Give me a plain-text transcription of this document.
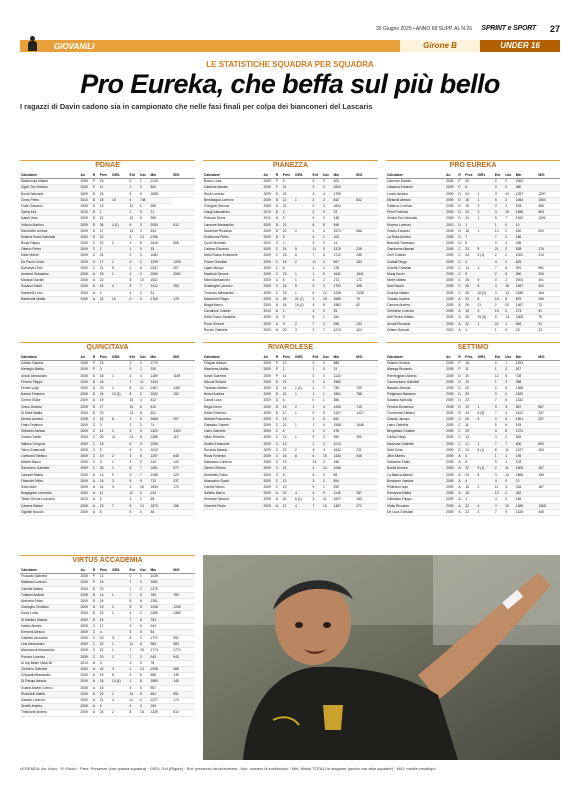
30 Giugno 2025 • ANNO 68 SUPP. AL N.26 SPRINT e SPORT 27
GIOVANILI	Girone B	UNDER 16
LE STATISTICHE SQUADRA PER SQUADRA
Pro Eureka, che beffa sul più bello
I ragazzi di Davin cadono sia in campionato che nelle fasi finali per colpa dei bianconeri del Lascaris
PDNAE
Calciatore	An	R	Pres	GIR1	Ent	Usc	Min	M/G
Mastrocola Matteo	2009	P	16		0	1	1240	
Giglio Tos Stefano	2009	P	11		1	0	800	
Bondi Samuele	2009	D	24		5	5	1698	
Cirelo Pietro	2010	D	18	10	4	748		
Fiore Giovanni	2009	D	13		12	1	259	
Gjeraj Keli	2010	D	1		1	0	21	
Isabel Jean	2009	D	22		12	5	956	
Volkolo Martino	2009	D	36	4 (1)	8	2	2050	512
Michelotto Andrea	2009	D	17		13	2	534	
Mottura Rossi Samuele	2009	D	22		4	13	1196	
Rossi Filippo	2009	C	22	2	1	6	1616	808
Ottavio Pietro	2009	C	2		1	0	33	
Dalle Michel	2009	C	24		0	3	1062	
De Paolo Guido	2009	C	17	1	0	2	1299	1299
Dondeyno Erik	2009	C	21	5	0	6	1537	307
Ansermi Sebastian	2009	A	26	1	0	2	2060	2060
Morandi Davide	2009	A	22		8	10	1537	
Susacci David	2009	A	24	4	5	7	1412	353
Martinelli Leon	2009	A	4		4	0	31	
Barberotti Mattia	2009	A	22	10	0	0	1760	176
PIANEZZA
Calciatore	An	R	Pres	GIR1	Ent	Usc	Min	M/G
Bosco Luca	2009	P	5		0	0	400	
Carbone Alessio	2009	P	21		0	3	1620	
Russ Lorenzo	2009	D	23		4	4	1799	
Bendeaqua Lorenzo	2009	D	12	1	2	2	842	842
D'Angelo Simone	2009	D	22		0	3	1604	
Gangi Alessandro	2010	D	2		2	0	23	
Petrucci Denis	2010	D	9		9	0	148	
Lanzone Alessandro	2009	D	21		8	8	946	
Notarnice Riccardo	2009	D	20	2	2	4	1572	686
Schiavone Pietro	2009	D	5		4	1	100	
Cucci Nicholas	2010	C	2		2	0	14	
Calarco Edoardo	2009	C	24	5	11	9	1378	236
Dello Russo Emanuele	2009	C	23	6	7	5	1712	285
Fiume Christian	2009	C	16	2	11	2	567	284
Ligas Jacopo	2009	C	6		4	1	178	
Mastrioti Simone	2009	C	23	1	1	5	1641	1641
Miceli Alessandro	2009	C	6	1	4	2	172	172
Scalenghe Lorenzo	2009	C	23	5	0	3	1792	358
Truccaro Alessandro	2009	C	23	1	6	12	1238	1238
Mammoni Filippo	2009	A	25	21 (7)	2	15	1655	79
Braga Marco	2009	A	24	19 (1)	4	8	1562	82
Cavallone Cristian	2010	A	2		2	0	25	
Dello Russo Samuele	2009	A	9		5	1	344	
Pucci Simone	2009	A	9	2	7	2	268	134
Rocchi Gabriele	2009	A	20	3	2	7	1273	424
PRO EUREKA
Calciatore	An	R	Pres	GIR1	Ent	Usc	Min	M/G
Gennore Davide	2009	P	20		0	0	1600	
Labanca Edoardo	2009	P	6		0	0	480	
Loreto Andrea	2009	D	24	1	3	14	1297	1297
Mirabelli Alessio	2009	D	18	1	5	2	1064	1064
Patierno Lorenzo	2009	D	15	2	3	3	978	489
Perci Federico	2009	D	23	3	3	10	1698	563
Venezi Ezo Nicholas	2009	D	24	1	9	7	1262	1262
Mocera Lorenzo	2010	D	1		1	0	10	
Grazio Edoardo	2009	D	18	1	14	2	520	520
La Rosa Andrea	2009	D	7		7	0	186	
Brandolf Tommaso	2009	D	6		0	4	439	
Gandonna Manuel	2009	C	23	5	21	2	528	176
Cirel Cristian	2009	C	26	9 (1)	2	2	1922	214
Ciafatti Diego	2009	C	4		4	0	829	
Coletta Christian	2009	C	14	1	7	6	991	991
Moraj Kevin	2009	C	9		2	6	360	206
Merle Matteo	2009	C	26	5	0	2	2004	401
Saril Nicolò	2009	C	26	5	4	18	1467	200
Scarola Matteo	2009	C	26	10 (2)	3	14	1636	164
Trovato Andrea	2009	A	23	8	15	8	879	106
Canone Andrea	2009	A	26	21	2	20	1467	72
Clemente Lorenzo	2009	A	15	3	15	0	273	91
Ariti Perino Matteo	2009	A	26	19 (3)	5	13	1508	79
Arvotti Riccardo	2009	A	22	1	21	1	548	91
Orfano Samuel	2010	A	1		1	0	23	23
QUINCITAVA
Calciatore	An	R	Pres	GIR1	Ent	Usc	Min	M/G
Addieo Daniele	2009	P	23		0	0	1770	
Meneghi Mattia	2009	P	3		0	1	230	
Ancoli Alessandro	2009	D	18	1	4	4	1189	1189
Ferrero Filippo	2009	D	26		7	11	1443	
Ferrari Luigi	2009	D	23	1	5	11	1467	1467
Bacchi Federico	2009	D	24	10 (3)	8	0	1920	192
Cirelox Elidor	2009	D	19		15	4	512	
Greco Antonio	2009	D	17		10	6	610	
Di Mani Mattia	2009	D	20		13	6	601	
Dimino Andrea	2009	C	22	8	1	6	1656	207
Fasio Federico	2009	C	3		1	2	74	
Ghirardo Alessio	2009	C	21	1	3	9	1320	1320
Grasso Samir	2009	C	25	11	12	6	1388	119
Italiano Gregorio	2009	C	18		6	3	1055	
Tallon Emanuele	2009	C	5		5	0	1010	
Lombardi Stefano	2009	C	19	2	3	6	1297	648
Meletti Marco	2009	C	3	1	3	2	143	143
Racchiero Gabriele	2009	C	25	1	8	7	1081	577
Laurenti Mattia	2009	A	13	9	0	7	1188	123
Orlandini Mirko	2009	A	16	3	5	9	712	237
Soleri Alex	2009	A	24	9	2	18	1534	170
Bragagnini Leonardo	2009	A	11		11	0	134	
Tetani Orione Ludovico	2010	A	5		4	1	65	
Carrera Rafael	2009	A	23	7	5	14	1570	196
Gigliotti Niccolò	2009	A	8		8	0	36	
RIVAROLESE
Calciatore	An	R	Pres	GIR1	Ent	Usc	Min	M/G
Fraguie Alessio	2009	P	10		0	0	888	
Marchese Mattia	2009	P	1		1	0	31	
Notari Gabriele	2009	P	14		0	0	1120	
Miccoli Simone	2009	D	22		2	4	1580	
Trevisan Matteo	2009	D	14	1 (1)	4	7	739	739
Bertot Andrea	2009	D	21	1	1	1	1561	788
Canali Luca	2009	D	6		0	1	386	
Regis Kevin	2009	D	19	2	1	4	1430	715
Deltin Federico	2009	D	17	1	0	5	1427	1427
Abbrari Francesco	2009	C	13		1	6	831	
Gastaldo Gabriel	2009	C	21	1	1	4	1548	1548
Laino Gabriele	2009	C	6		1	0	478	
Milan Roberto	2009	C	12	1	9	2	390	390
Sollavi Emanuele	2009	C	13		1	2	1010	
Rocchia Alessio	2009	C	22	2	4	4	1642	721
Rossi Federico	2009	C	15	8	6	15	1434	448
Mazzacco Lorenzo	2009	C	13		13	0	196	
Olmeri Oliviero	2009	C	21		4	12	1066	
Andreetto Fabio	2009	C	6		6	0	69	
Mussachio David	2009	C	13		3	2	854	
Gentile Marco	2009	C	10		9	1	290	
Salvitto Marco	2009	A	20	4	4	9	1148	287
Veronesi Simone	2009	A	20	6 (1)	3	11	1097	183
Vicentini Paolo	2009	A	21	4	7	10	1487	372
SETTIMO
Calciatore	An	R	Pres	GIR1	Ent	Usc	Min	M/G
Velardo Andrea	2009	P	16		0	1	1263	
Marega Riccardo	2009	P	11		1	0	817	
Parmeggiani Alberto	2009	D	20		12	8	708	
Camburzano Gabriele	2009	D	10		1	3	958	
Bassalo Nicolas	2009	D	20		0	5	1386	
Pelighirari Massimo	2009	D	20		0	0	1520	
Salassa Nicholas	2009	D	23		7	6	1332	
Ferrara Domenico	2009	D	19	1	9	3	857	857
Tronchetta Stefano	2009	D	24	6 (3)	7	4	1422	237
Grando Jacopo	2009	C	26	8	0	6	1901	237
Laino Gabriele	2009	C	11		5	6	678	
Bergaballo Cristian	2009	C	23		3	8	1374	
Caduti Diego	2009	C	14		4	0	829	
Mazzone Gabriele	2009	C	17	1	7	7	800	800
Sald Omar	2009	C	24	6 (1)	8	11	1227	204
Jibiri Alberto	2009	A	4		1	1	195	
Salvatore Fabio	2009	A	6		5	1	103	
Boella Andrea	2009	A	22	9 (1)	2	11	1505	167
La Bianca Alberto	2009	A	23	8	3	13	1566	196
Bonjouen Yassine	2009	A	4		4	0	70	
Pellerano Ivan	2009	A	15	2	11	3	334	167
Parsanna Mattia	2009	A	15		13	2	342	
Cabbiano Filippo	2009	A	4		4	0	169	
Motto Riccardo	2009	A	22	4	4	10	1365	1365
De Luca Christian	2009	A	22	3	7	9	1225	408
VIRTUS ACCADEMIA
Calciatore	An	R	Pres	GIR1	Ent	Usc	Min	M/G
Fruscato Gabriele	2009	P	13		0	1	1029	
Mastrani Lorenzo	2009	P	14		1	0	1051	
Gavella Matteo	2009	D	20		1	3	1375	
Tuffanel Andrea	2009	D	14	1	7	5	780	780
Antonica Fabio	2009	D	24		8	6	1391	
Ciarloglio Christian	2009	D	19	1	5	5	1246	1246
Curra Louis	2009	D	22	1	4	2	1389	1389
Di Martino Alessio	2009	D	16		7	6	754	
Vacilio Alessio	2009	C	17		3	6	944	
Ermanni Alessio	2009	C	4		4	0	54	
Garibbo Leonardo	2009	C	23	3	8	4	1772	591
Lina Alessandro	2009	C	22	1	11	8	983	983
Mazzoccoli Alessandro	2009	C	22	1	7	18	1774	1774
Porcino Lorenzo	2009	C	20	1	7	2	943	943
Al Haj Baker Nidal Ali	2010	A	3		3	0	78	
Chiechio Gabriele	2009	A	24	3	2	13	1538	388
Crepaldi Alessandro	2009	A	19	6	9	6	695	139
Di Pasqui Alessio	2009	A	26	13 (4)	1	8	1880	145
Guardi Andrei Corrico	2009	A	15		4	5	957	
Ricchitelli Mattia	2009	A	20	1	14	6	651	651
Sassari Lorenzo	2009	A	21	4	11	2	1277	174
Zenelli Andrea	2009	A	4		4	0	153	
Trinksone Andrea	2009	A	24	2	8	18	1229	614
LEGENDA: An: Anno · R: Ruolo · Pres: Presenze (con questa squadra) · GIR1: Gol (Rigore) · Ent: presenze da subentrato · Usc: numero di sostituzioni · Min: Minuti TOTALI in stagione (anche con altre squadre) · M/G: media minuti/gol
